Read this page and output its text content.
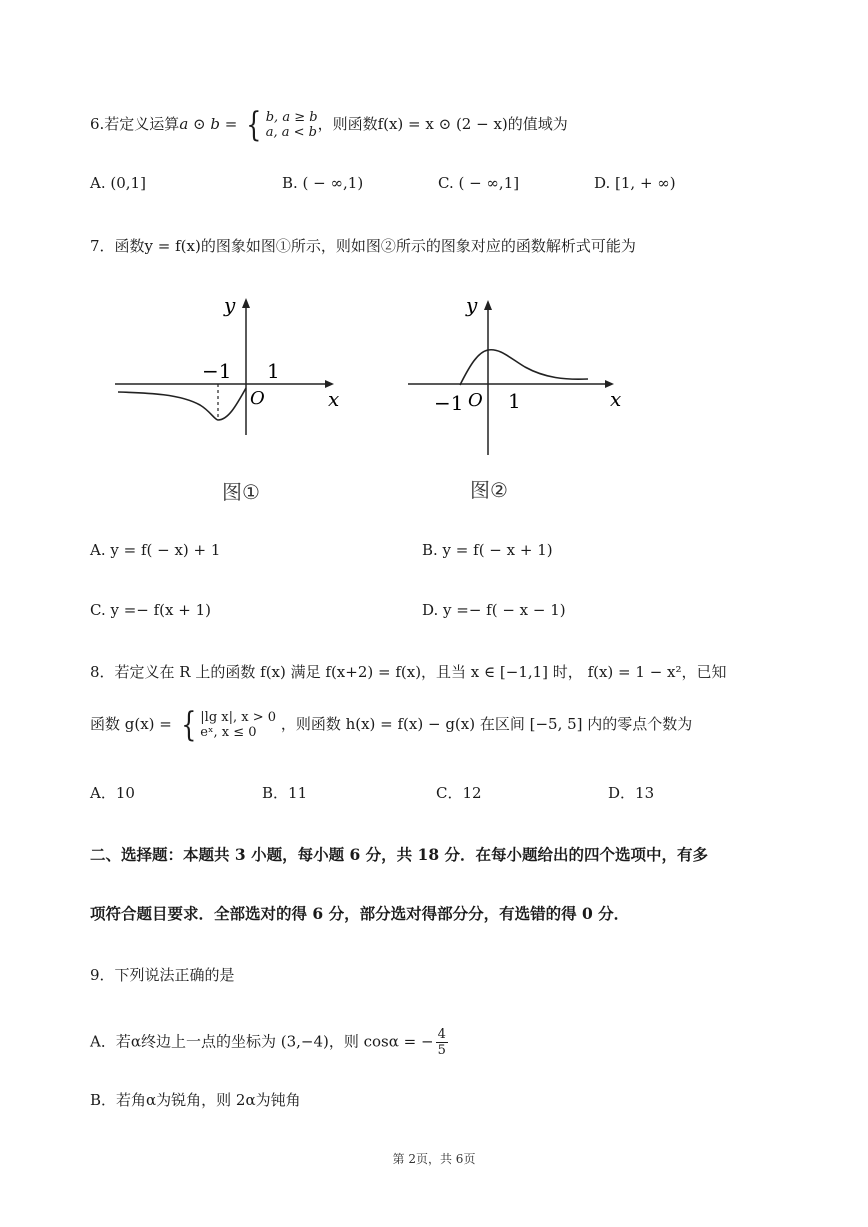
6.若定义运算a ⊙ b = { b, a ≥ b
a, a < b ，则函数f(x) = x ⊙ (2 − x)的值域为
A. (0,1]	B. ( − ∞,1)	C. ( − ∞,1]	D. [1, + ∞)
7．函数y = f(x)的图象如图①所示，则如图②所示的图象对应的函数解析式可能为
y
x
O
−1 1
图①
y
x
O
−1 1
图②
A. y = f( − x) + 1	B. y = f( − x + 1)
C. y =− f(x + 1)	D. y =− f( − x − 1)
8．若定义在 R 上的函数 f(x) 满足 f(x+2) = f(x)，且当 x ∈ [−1,1] 时， f(x) = 1 − x²，已知
函数 g(x) = { |lg x|, x > 0
eˣ, x ≤ 0	，则函数 h(x) = f(x) − g(x) 在区间 [−5, 5] 内的零点个数为
A．10	B．11	C．12	D．13
二、选择题：本题共 3 小题，每小题 6 分，共 18 分．在每小题给出的四个选项中，有多
项符合题目要求．全部选对的得 6 分，部分选对得部分分，有选错的得 0 分．
9．下列说法正确的是
A．若α终边上一点的坐标为 (3,−4)，则 cosα = − $\frac{4}{5}$
B．若角α为锐角，则 2α为钝角
第 2页，共 6页
